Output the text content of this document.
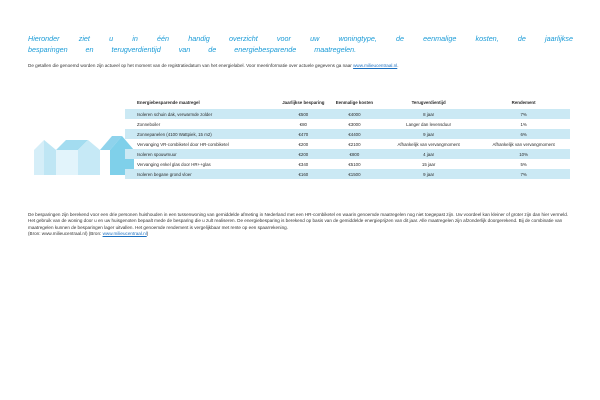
Hieronder ziet u in één handig overzicht voor uw woningtype, de eenmalige kosten, de jaarlijkse
besparingen en terugverdientijd van de energiebesparende maatregelen.
De getallen die genoemd worden zijn actueel op het moment van de registratiedatum van het energielabel. Voor meerinformatie over actuele gegevens ga naar www.milieucentraal.nl.
Energiebesparende maatregel	Jaarlijkse besparing	Eenmalige kosten	Terugverdientijd	Rendement
Isoleren schuin dak, verwarmde zolder	€500	€4000	8 jaar	7%
Zonneboiler	€80	€3000	Langer dan levensduur	1%
Zonnepanelen (4100 Wattpiek, 15 m2)	€470	€4400	9 jaar	6%
Vervanging VR-combiketel door HR-combiketel	€200	€2100	Afhankelijk van vervangmoment	Afhankelijk van vervangmoment
Isoleren spouwmuur	€200	€800	4 jaar	10%
Vervanging enkel glas door HR++glas	€340	€5100	15 jaar	5%
Isoleren begane grond vloer	€160	€1500	9 jaar	7%
De besparingen zijn berekend voor een drie personen huishouden in een tussenwoning van gemiddelde afmeting in Nederland met een HR-combiketel en waarin genoemde maatregelen nog niet toegepast zijn. Uw voordeel kan kleiner of groter zijn dan hier vermeld. Het gebruik van de woning door u en uw huisgenoten bepaalt mede de besparing die u zult realiseren. De energiebesparing is berekend op basis van de gemiddelde energieprijzen van dit jaar. Alle maatregelen zijn afzonderlijk doorgerekend. Bij de combinatie van maatregelen kunnen de besparingen lager uitvallen. Het genoemde rendement is vergelijkbaar met rente op een spaarrekening.
(Bron: www.milieucentraal.nl) (Bron: www.milieucentraal.nl)
